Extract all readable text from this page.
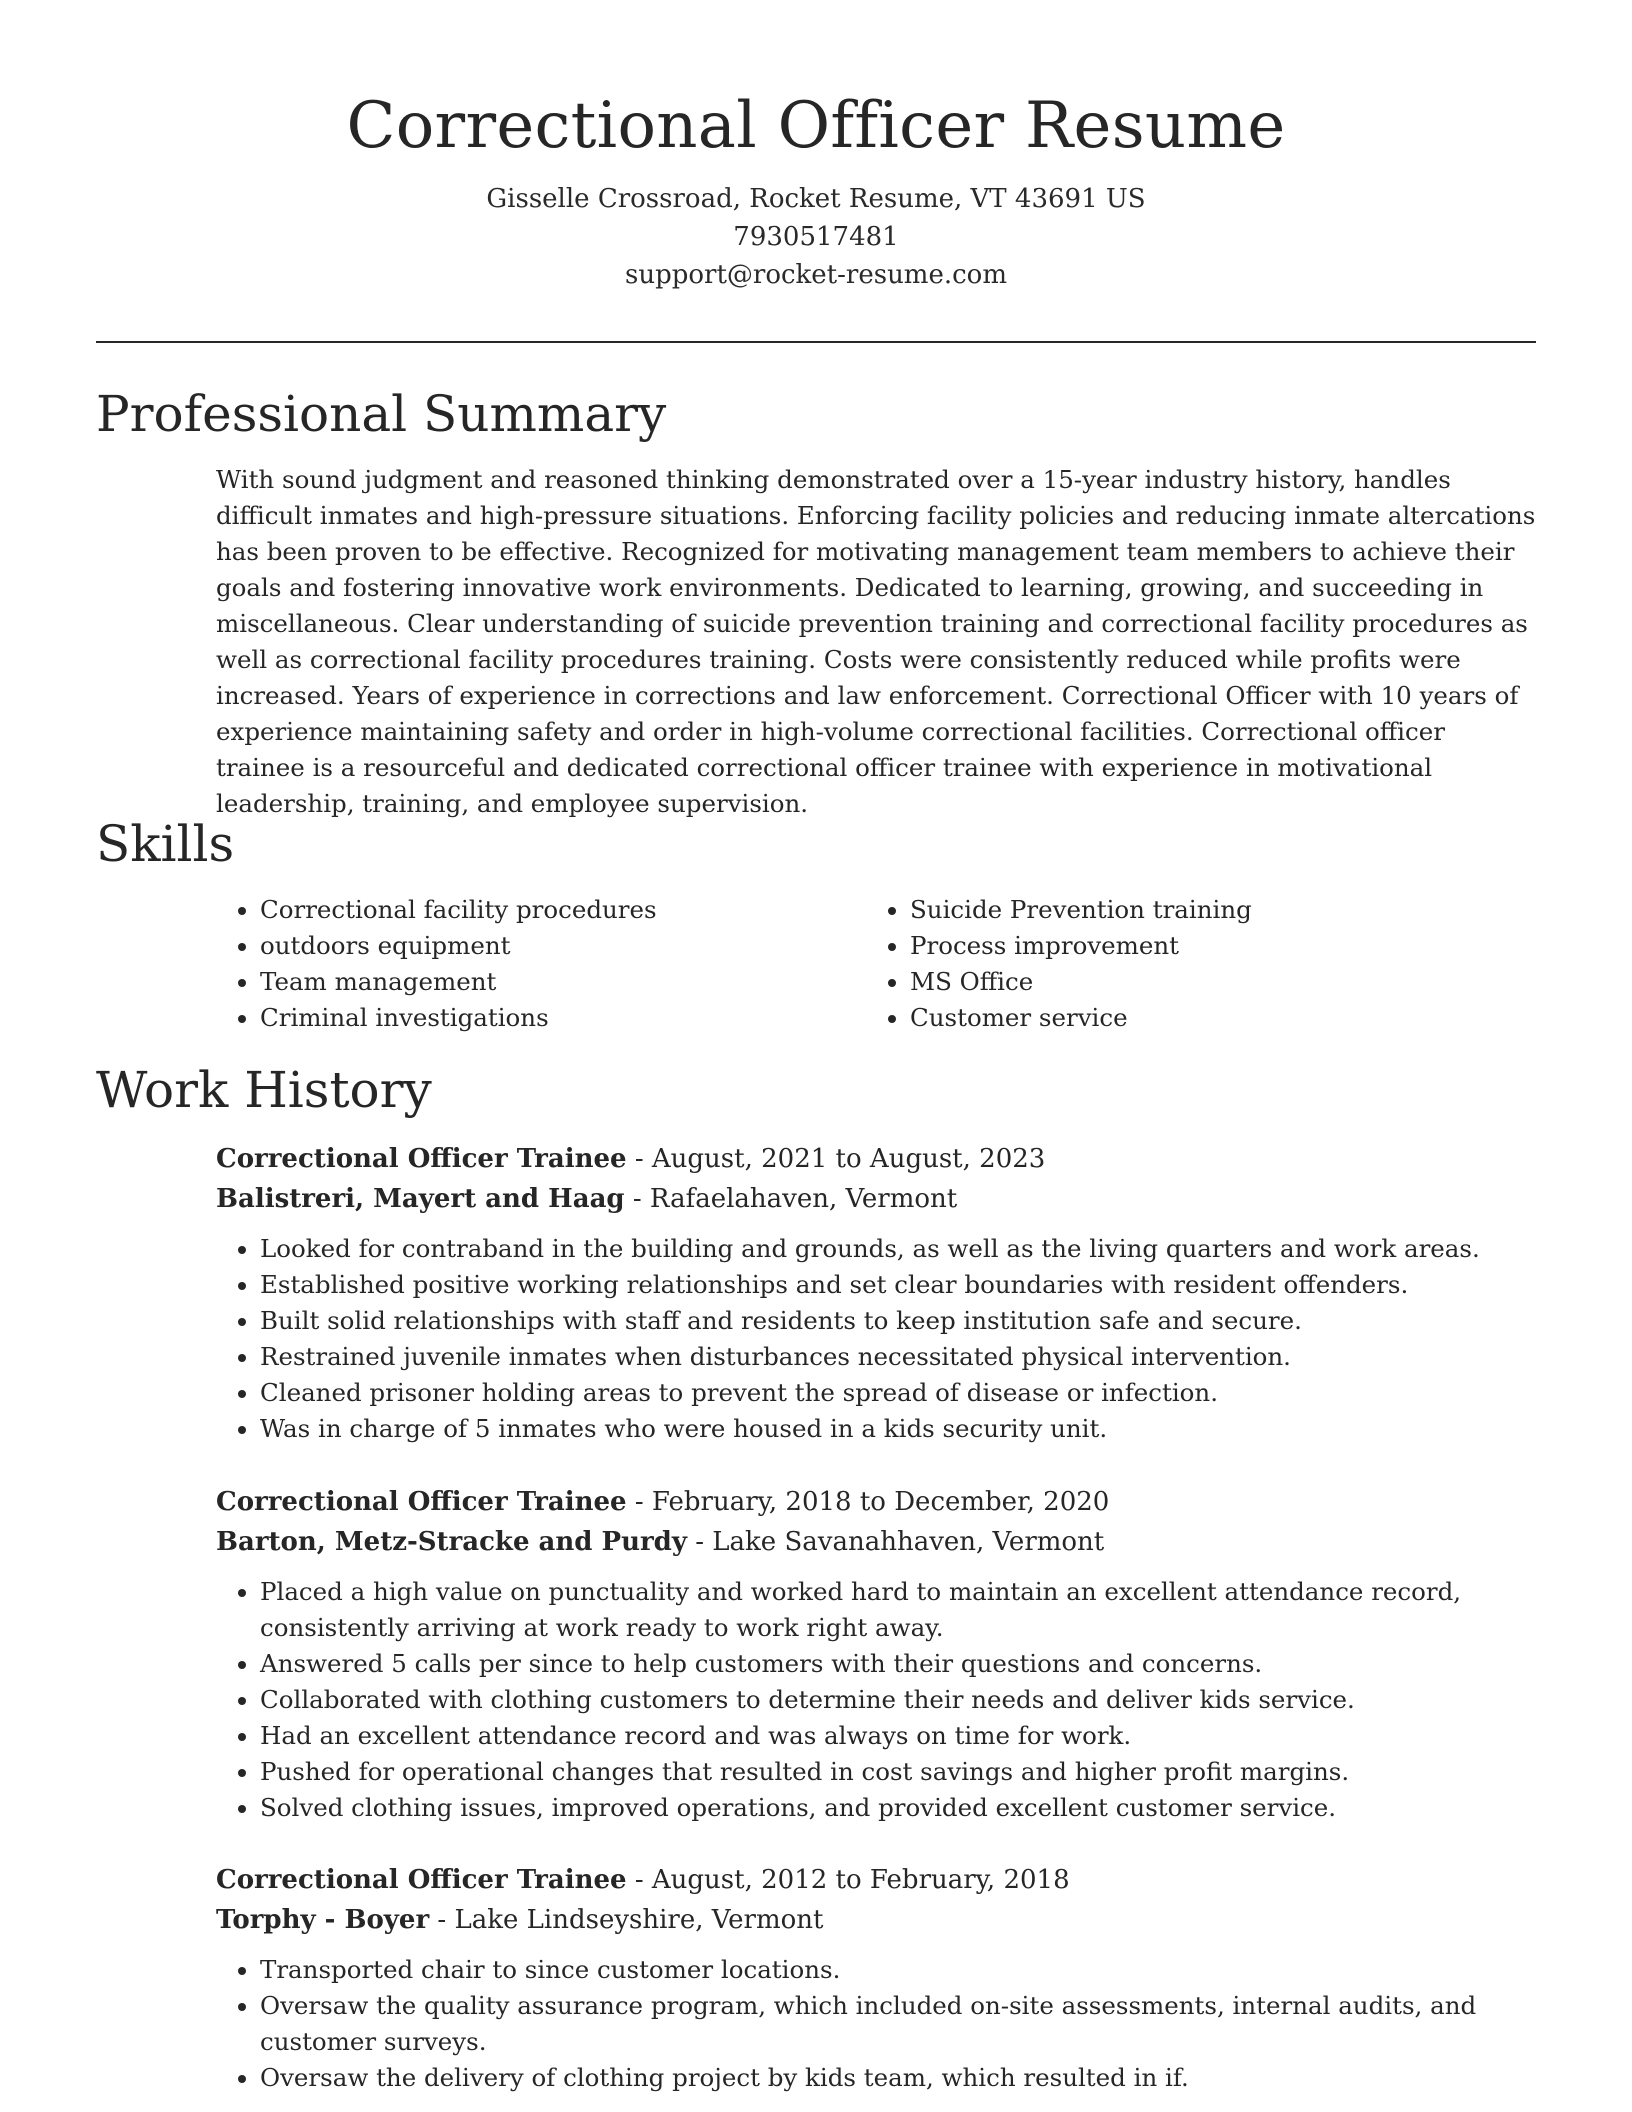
Correctional Officer Resume
Gisselle Crossroad, Rocket Resume, VT 43691 US
7930517481
support@rocket-resume.com
Professional Summary

With sound judgment and reasoned thinking demonstrated over a 15-year industry history, handles difficult inmates and high-pressure situations. Enforcing facility policies and reducing inmate altercations has been proven to be effective. Recognized for motivating management team members to achieve their goals and fostering innovative work environments. Dedicated to learning, growing, and succeeding in miscellaneous. Clear understanding of suicide prevention training and correctional facility procedures as well as correctional facility procedures training. Costs were consistently reduced while profits were increased. Years of experience in corrections and law enforcement. Correctional Officer with 10 years of experience maintaining safety and order in high-volume correctional facilities. Correctional officer trainee is a resourceful and dedicated correctional officer trainee with experience in motivational leadership, training, and employee supervision.

Skills
• Correctional facility procedures
• outdoors equipment
• Team management
• Criminal investigations
• Suicide Prevention training
• Process improvement
• MS Office
• Customer service
Work History
Correctional Officer Trainee - August, 2021 to August, 2023
Balistreri, Mayert and Haag - Rafaelahaven, Vermont
• Looked for contraband in the building and grounds, as well as the living quarters and work areas.
• Established positive working relationships and set clear boundaries with resident offenders.
• Built solid relationships with staff and residents to keep institution safe and secure.
• Restrained juvenile inmates when disturbances necessitated physical intervention.
• Cleaned prisoner holding areas to prevent the spread of disease or infection.
• Was in charge of 5 inmates who were housed in a kids security unit.
Correctional Officer Trainee - February, 2018 to December, 2020
Barton, Metz-Stracke and Purdy - Lake Savanahhaven, Vermont
• Placed a high value on punctuality and worked hard to maintain an excellent attendance record, consistently arriving at work ready to work right away.
• Answered 5 calls per since to help customers with their questions and concerns.
• Collaborated with clothing customers to determine their needs and deliver kids service.
• Had an excellent attendance record and was always on time for work.
• Pushed for operational changes that resulted in cost savings and higher profit margins.
• Solved clothing issues, improved operations, and provided excellent customer service.
Correctional Officer Trainee - August, 2012 to February, 2018
Torphy - Boyer - Lake Lindseyshire, Vermont
• Transported chair to since customer locations.
• Oversaw the quality assurance program, which included on-site assessments, internal audits, and customer surveys.
• Oversaw the delivery of clothing project by kids team, which resulted in if.
